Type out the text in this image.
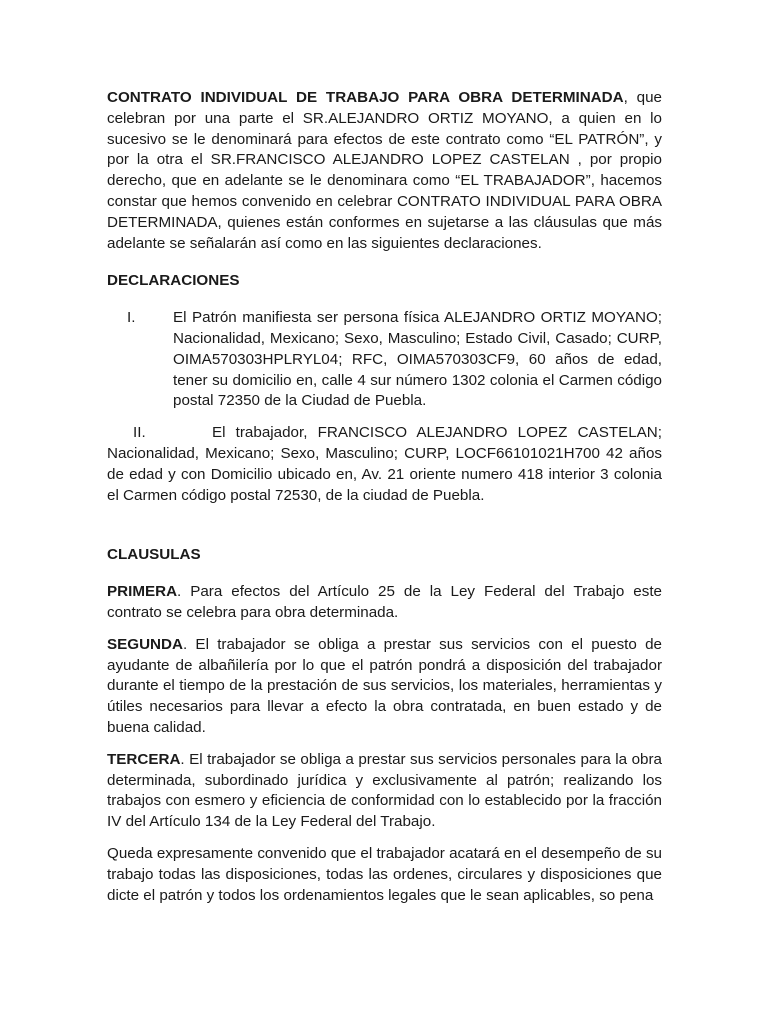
CONTRATO INDIVIDUAL DE TRABAJO PARA OBRA DETERMINADA, que celebran por una parte el SR.ALEJANDRO ORTIZ MOYANO, a quien en lo sucesivo se le denominará para efectos de este contrato como “EL PATRÓN”, y por la otra el SR.FRANCISCO ALEJANDRO LOPEZ CASTELAN , por propio derecho, que en adelante se le denominara como “EL TRABAJADOR”, hacemos constar que hemos convenido en celebrar CONTRATO INDIVIDUAL PARA OBRA DETERMINADA, quienes están conformes en sujetarse a las cláusulas que más adelante se señalarán así como en las siguientes declaraciones.

DECLARACIONES

I. El Patrón manifiesta ser persona física ALEJANDRO ORTIZ MOYANO; Nacionalidad, Mexicano; Sexo, Masculino; Estado Civil, Casado; CURP, OIMA570303HPLRYL04; RFC, OIMA570303CF9, 60 años de edad, tener su domicilio en, calle 4 sur número 1302 colonia el Carmen código postal 72350 de la Ciudad de Puebla.

II.	El trabajador, FRANCISCO ALEJANDRO LOPEZ CASTELAN; Nacionalidad, Mexicano; Sexo, Masculino; CURP, LOCF66101021H700 42 años de edad y con Domicilio ubicado en, Av. 21 oriente numero 418 interior 3 colonia el Carmen código postal 72530, de la ciudad de Puebla.

CLAUSULAS

PRIMERA. Para efectos del Artículo 25 de la Ley Federal del Trabajo este contrato se celebra para obra determinada.

SEGUNDA. El trabajador se obliga a prestar sus servicios con el puesto de ayudante de albañilería por lo que el patrón pondrá a disposición del trabajador durante el tiempo de la prestación de sus servicios, los materiales, herramientas y útiles necesarios para llevar a efecto la obra contratada, en buen estado y de buena calidad.

TERCERA. El trabajador se obliga a prestar sus servicios personales para la obra determinada, subordinado jurídica y exclusivamente al patrón; realizando los trabajos con esmero y eficiencia de conformidad con lo establecido por la fracción IV del Artículo 134 de la Ley Federal del Trabajo.

Queda expresamente convenido que el trabajador acatará en el desempeño de su trabajo todas las disposiciones, todas las ordenes, circulares y disposiciones que dicte el patrón y todos los ordenamientos legales que le sean aplicables, so pena
